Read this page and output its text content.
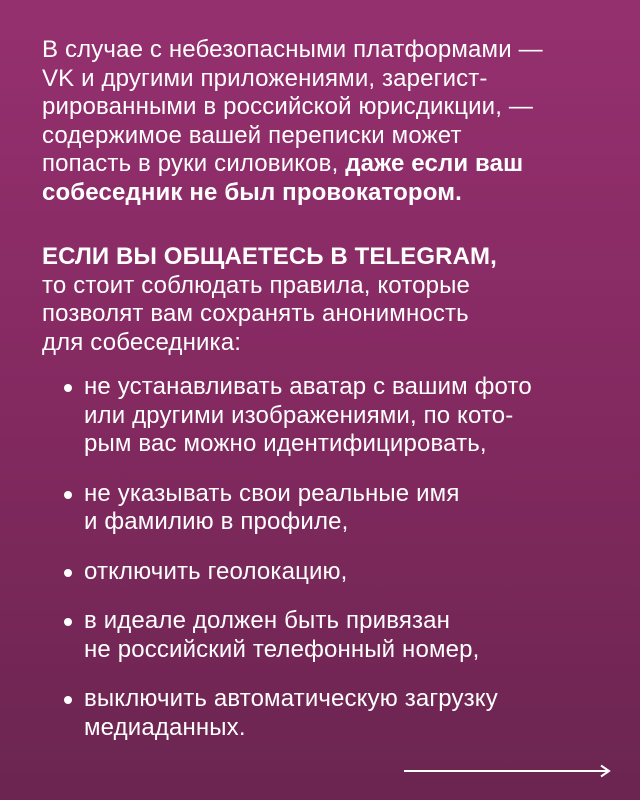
В случае с небезопасными платформами —
VK и другими приложениями, зарегист-
рированными в российской юрисдикции, —
содержимое вашей переписки может
попасть в руки силовиков, даже если ваш
собеседник не был провокатором.

ЕСЛИ ВЫ ОБЩАЕТЕСЬ В TELEGRAM,

то стоит соблюдать правила, которые
позволят вам сохранять анонимность
для собеседника:

не устанавливать аватар с вашим фото
или другими изображениями, по кото-
рым вас можно идентифицировать,
не указывать свои реальные имя
и фамилию в профиле,
отключить геолокацию,
в идеале должен быть привязан
не российский телефонный номер,
выключить автоматическую загрузку
медиаданных.
